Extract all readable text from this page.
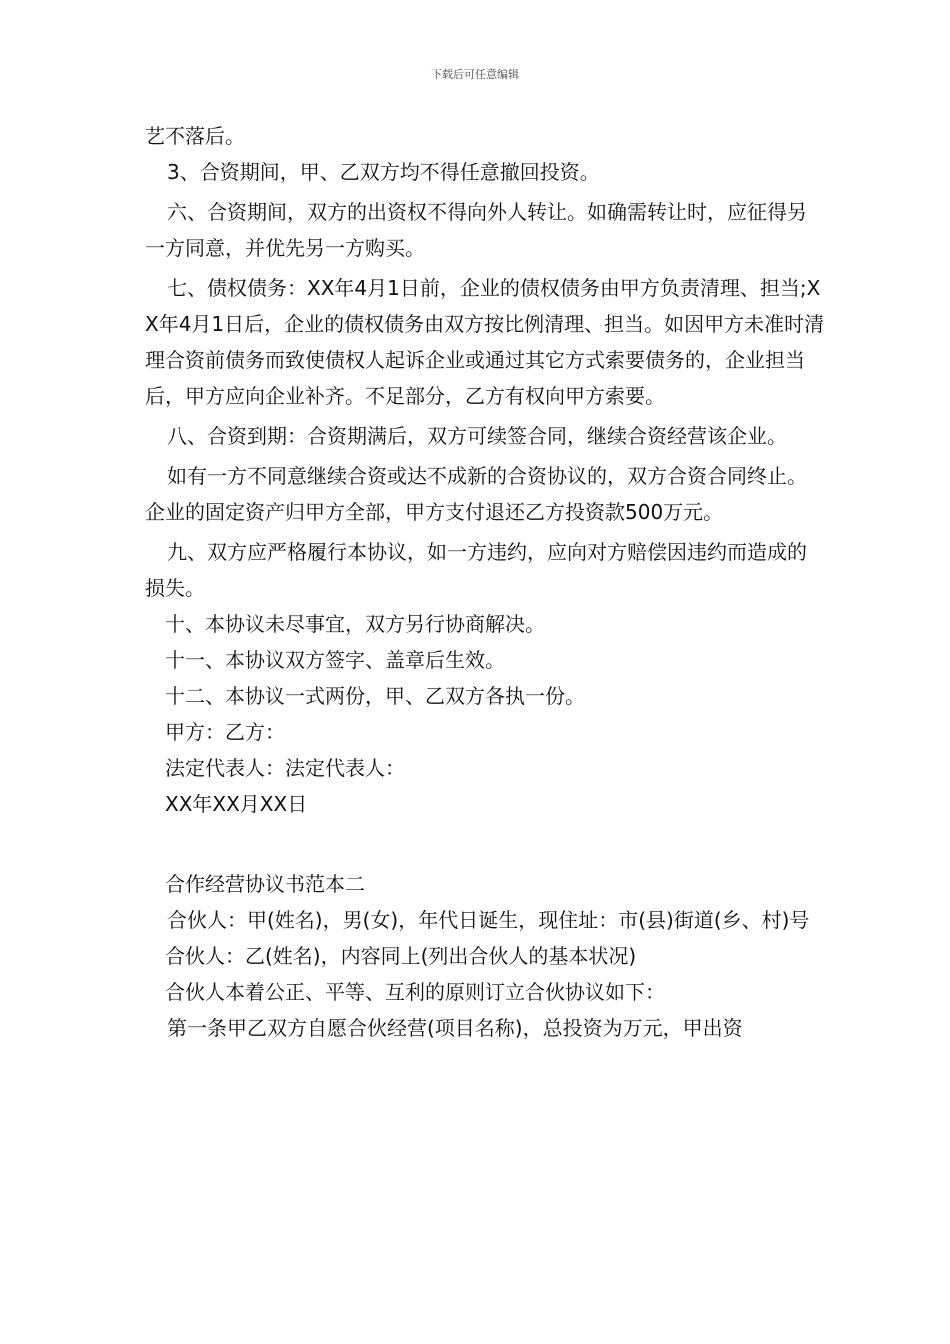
下载后可任意编辑

艺不落后。

3、合资期间，甲、乙双方均不得任意撤回投资。

六、合资期间，双方的出资权不得向外人转让。如确需转让时，应征得另一方同意，并优先另一方购买。

七、债权债务：XX年4月1日前，企业的债权债务由甲方负责清理、担当;XX年4月1日后，企业的债权债务由双方按比例清理、担当。如因甲方未准时清理合资前债务而致使债权人起诉企业或通过其它方式索要债务的，企业担当后，甲方应向企业补齐。不足部分，乙方有权向甲方索要。

八、合资到期：合资期满后，双方可续签合同，继续合资经营该企业。

如有一方不同意继续合资或达不成新的合资协议的，双方合资合同终止。企业的固定资产归甲方全部，甲方支付退还乙方投资款500万元。

九、双方应严格履行本协议，如一方违约，应向对方赔偿因违约而造成的损失。

十、本协议未尽事宜，双方另行协商解决。

十一、本协议双方签字、盖章后生效。

十二、本协议一式两份，甲、乙双方各执一份。

甲方：乙方：

法定代表人：法定代表人：

XX年XX月XX日

合作经营协议书范本二

合伙人：甲(姓名)，男(女)，年代日诞生，现住址：市(县)街道(乡、村)号

合伙人：乙(姓名)，内容同上(列出合伙人的基本状况)

合伙人本着公正、平等、互利的原则订立合伙协议如下：

第一条甲乙双方自愿合伙经营(项目名称)，总投资为万元，甲出资
